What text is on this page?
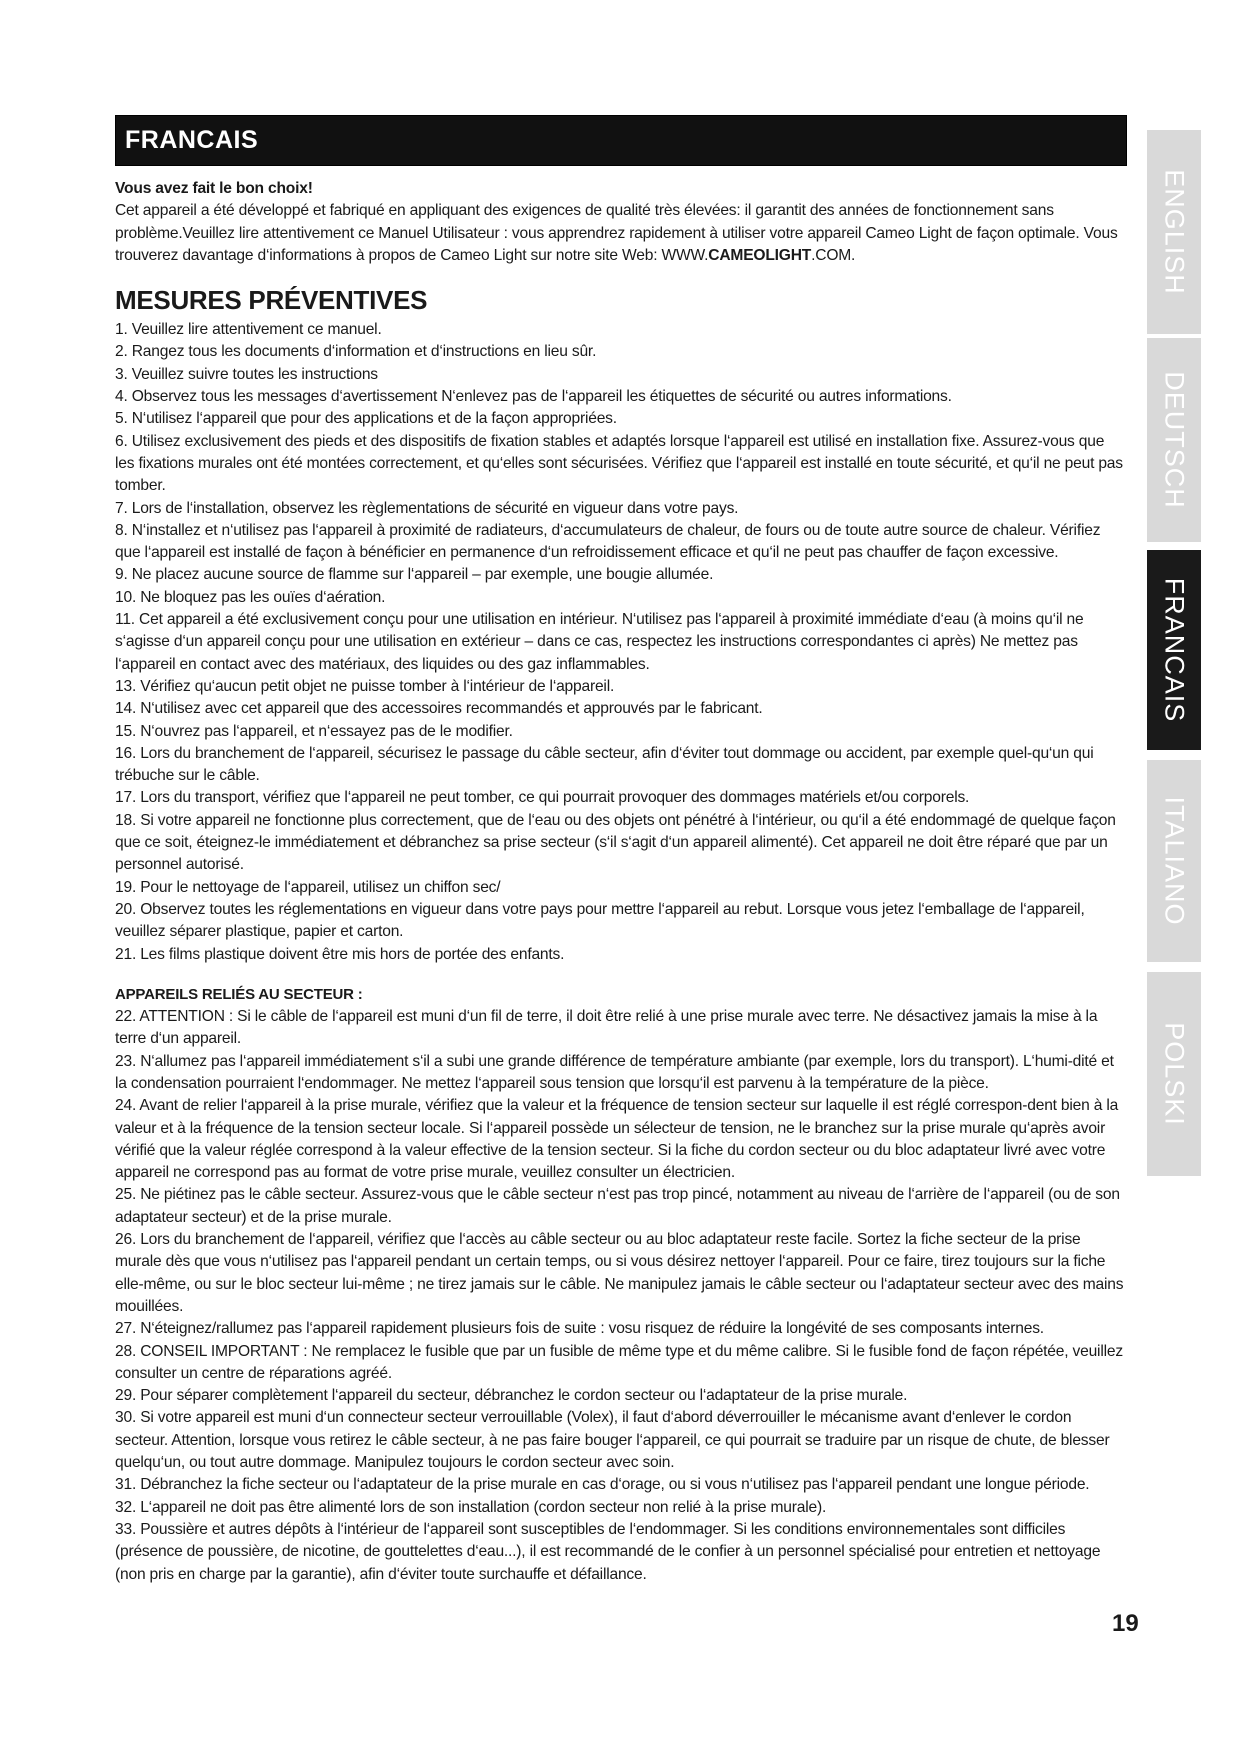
FRANCAIS

Vous avez fait le bon choix!

Cet appareil a été développé et fabriqué en appliquant des exigences de qualité très élevées: il garantit des années de fonctionnement sans problème.Veuillez lire attentivement ce Manuel Utilisateur : vous apprendrez rapidement à utiliser votre appareil Cameo Light de façon optimale. Vous trouverez davantage d‘informations à propos de Cameo Light sur notre site Web: WWW.CAMEOLIGHT.COM.

MESURES PRÉVENTIVES

1. Veuillez lire attentivement ce manuel.

2. Rangez tous les documents d‘information et d‘instructions en lieu sûr.

3. Veuillez suivre toutes les instructions

4. Observez tous les messages d‘avertissement N‘enlevez pas de l‘appareil les étiquettes de sécurité ou autres informations.

5. N‘utilisez l‘appareil que pour des applications et de la façon appropriées.

6. Utilisez exclusivement des pieds et des dispositifs de fixation stables et adaptés lorsque l‘appareil est utilisé en installation fixe. Assurez-vous que les fixations murales ont été montées correctement, et qu‘elles sont sécurisées. Vérifiez que l‘appareil est installé en toute sécurité, et qu‘il ne peut pas tomber.

7. Lors de l‘installation, observez les règlementations de sécurité en vigueur dans votre pays.

8. N‘installez et n‘utilisez pas l‘appareil à proximité de radiateurs, d‘accumulateurs de chaleur, de fours ou de toute autre source de chaleur. Vérifiez que l‘appareil est installé de façon à bénéficier en permanence d‘un refroidissement efficace et qu‘il ne peut pas chauffer de façon excessive.

9. Ne placez aucune source de flamme sur l‘appareil – par exemple, une bougie allumée.

10. Ne bloquez pas les ouïes d‘aération.

11. Cet appareil a été exclusivement conçu pour une utilisation en intérieur. N‘utilisez pas l‘appareil à proximité immédiate d‘eau (à moins qu‘il ne s‘agisse d‘un appareil conçu pour une utilisation en extérieur – dans ce cas, respectez les instructions correspondantes ci après) Ne mettez pas l‘appareil en contact avec des matériaux, des liquides ou des gaz inflammables.

13. Vérifiez qu‘aucun petit objet ne puisse tomber à l‘intérieur de l‘appareil.

14. N‘utilisez avec cet appareil que des accessoires recommandés et approuvés par le fabricant.

15. N‘ouvrez pas l‘appareil, et n‘essayez pas de le modifier.

16. Lors du branchement de l‘appareil, sécurisez le passage du câble secteur, afin d‘éviter tout dommage ou accident, par exemple quel-qu‘un qui trébuche sur le câble.

17. Lors du transport, vérifiez que l‘appareil ne peut tomber, ce qui pourrait provoquer des dommages matériels et/ou corporels.

18. Si votre appareil ne fonctionne plus correctement, que de l‘eau ou des objets ont pénétré à l‘intérieur, ou qu‘il a été endommagé de quelque façon que ce soit, éteignez-le immédiatement et débranchez sa prise secteur (s‘il s‘agit d‘un appareil alimenté). Cet appareil ne doit être réparé que par un personnel autorisé.

19. Pour le nettoyage de l‘appareil, utilisez un chiffon sec/

20. Observez toutes les réglementations en vigueur dans votre pays pour mettre l‘appareil au rebut. Lorsque vous jetez l‘emballage de l‘appareil, veuillez séparer plastique, papier et carton.

21. Les films plastique doivent être mis hors de portée des enfants.

APPAREILS RELIÉS AU SECTEUR :

22. ATTENTION : Si le câble de l‘appareil est muni d‘un fil de terre, il doit être relié à une prise murale avec terre. Ne désactivez jamais la mise à la terre d‘un appareil.

23. N‘allumez pas l‘appareil immédiatement s‘il a subi une grande différence de température ambiante (par exemple, lors du transport). L‘humi-dité et la condensation pourraient l‘endommager. Ne mettez l‘appareil sous tension que lorsqu‘il est parvenu à la température de la pièce.

24. Avant de relier l‘appareil à la prise murale, vérifiez que la valeur et la fréquence de tension secteur sur laquelle il est réglé correspon-dent bien à la valeur et à la fréquence de la tension secteur locale. Si l‘appareil possède un sélecteur de tension, ne le branchez sur la prise murale qu‘après avoir vérifié que la valeur réglée correspond à la valeur effective de la tension secteur. Si la fiche du cordon secteur ou du bloc adaptateur livré avec votre appareil ne correspond pas au format de votre prise murale, veuillez consulter un électricien.

25. Ne piétinez pas le câble secteur. Assurez-vous que le câble secteur n‘est pas trop pincé, notamment au niveau de l‘arrière de l‘appareil (ou de son adaptateur secteur) et de la prise murale.

26. Lors du branchement de l‘appareil, vérifiez que l‘accès au câble secteur ou au bloc adaptateur reste facile. Sortez la fiche secteur de la prise murale dès que vous n‘utilisez pas l‘appareil pendant un certain temps, ou si vous désirez nettoyer l‘appareil. Pour ce faire, tirez toujours sur la fiche elle-même, ou sur le bloc secteur lui-même ; ne tirez jamais sur le câble. Ne manipulez jamais le câble secteur ou l‘adaptateur secteur avec des mains mouillées.

27. N‘éteignez/rallumez pas l‘appareil rapidement plusieurs fois de suite : vosu risquez de réduire la longévité de ses composants internes.

28. CONSEIL IMPORTANT : Ne remplacez le fusible que par un fusible de même type et du même calibre. Si le fusible fond de façon répétée, veuillez consulter un centre de réparations agréé.

29. Pour séparer complètement l‘appareil du secteur, débranchez le cordon secteur ou l‘adaptateur de la prise murale.

30. Si votre appareil est muni d‘un connecteur secteur verrouillable (Volex), il faut d‘abord déverrouiller le mécanisme avant d‘enlever le cordon secteur. Attention, lorsque vous retirez le câble secteur, à ne pas faire bouger l‘appareil, ce qui pourrait se traduire par un risque de chute, de blesser quelqu‘un, ou tout autre dommage. Manipulez toujours le cordon secteur avec soin.

31. Débranchez la fiche secteur ou l‘adaptateur de la prise murale en cas d‘orage, ou si vous n‘utilisez pas l‘appareil pendant une longue période.

32. L‘appareil ne doit pas être alimenté lors de son installation (cordon secteur non relié à la prise murale).

33. Poussière et autres dépôts à l‘intérieur de l‘appareil sont susceptibles de l‘endommager. Si les conditions environnementales sont difficiles (présence de poussière, de nicotine, de gouttelettes d‘eau...), il est recommandé de le confier à un personnel spécialisé pour entretien et nettoyage (non pris en charge par la garantie), afin d‘éviter toute surchauffe et défaillance.

ENGLISH
DEUTSCH
FRANCAIS
ITALIANO
POLSKI
19
